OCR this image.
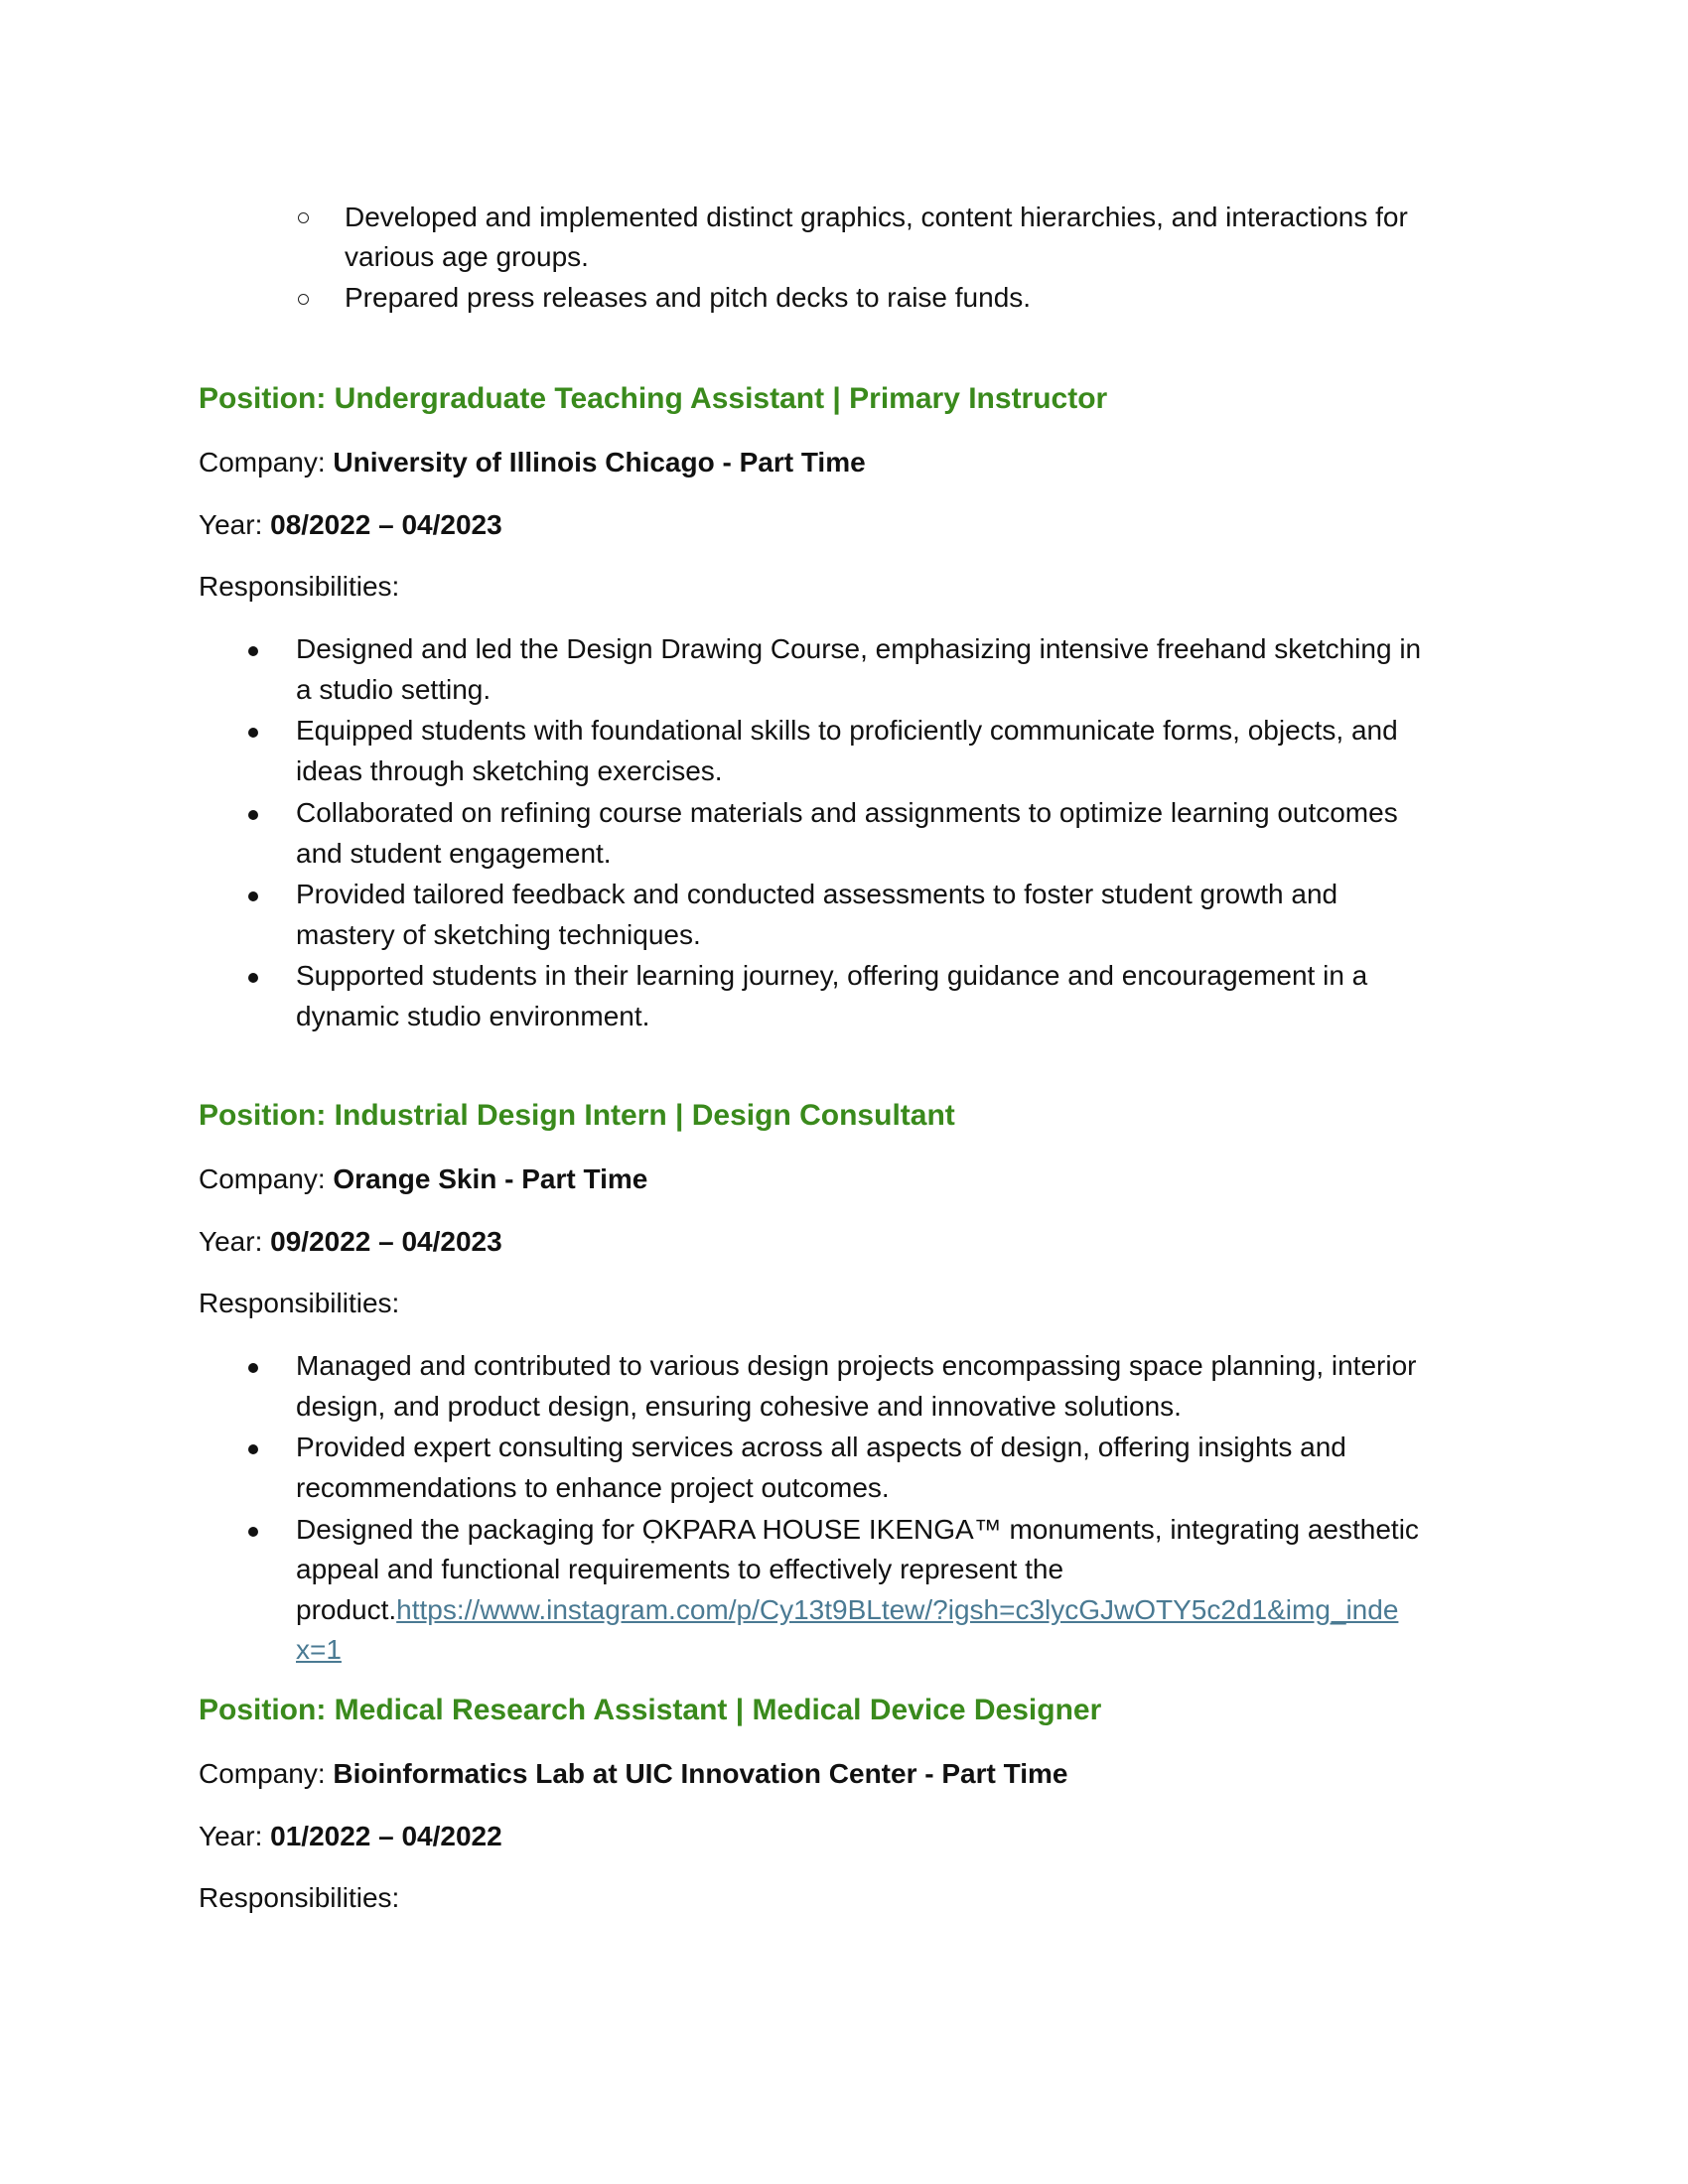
Developed and implemented distinct graphics, content hierarchies, and interactions for
various age groups.
Prepared press releases and pitch decks to raise funds.
Position: Undergraduate Teaching Assistant | Primary Instructor
Company: University of Illinois Chicago - Part Time
Year: 08/2022 – 04/2023
Responsibilities:
Designed and led the Design Drawing Course, emphasizing intensive freehand sketching in
a studio setting.
Equipped students with foundational skills to proficiently communicate forms, objects, and
ideas through sketching exercises.
Collaborated on refining course materials and assignments to optimize learning outcomes
and student engagement.
Provided tailored feedback and conducted assessments to foster student growth and
mastery of sketching techniques.
Supported students in their learning journey, offering guidance and encouragement in a
dynamic studio environment.
Position: Industrial Design Intern | Design Consultant
Company: Orange Skin - Part Time
Year: 09/2022 – 04/2023
Responsibilities:
Managed and contributed to various design projects encompassing space planning, interior
design, and product design, ensuring cohesive and innovative solutions.
Provided expert consulting services across all aspects of design, offering insights and
recommendations to enhance project outcomes.
Designed the packaging for ỌKPARA HOUSE IKENGA™ monuments, integrating aesthetic
appeal and functional requirements to effectively represent the
product.https://www.instagram.com/p/Cy13t9BLtew/?igsh=c3lycGJwOTY5c2d1&img_inde
x=1
Position: Medical Research Assistant | Medical Device Designer
Company: Bioinformatics Lab at UIC Innovation Center - Part Time
Year: 01/2022 – 04/2022
Responsibilities:
